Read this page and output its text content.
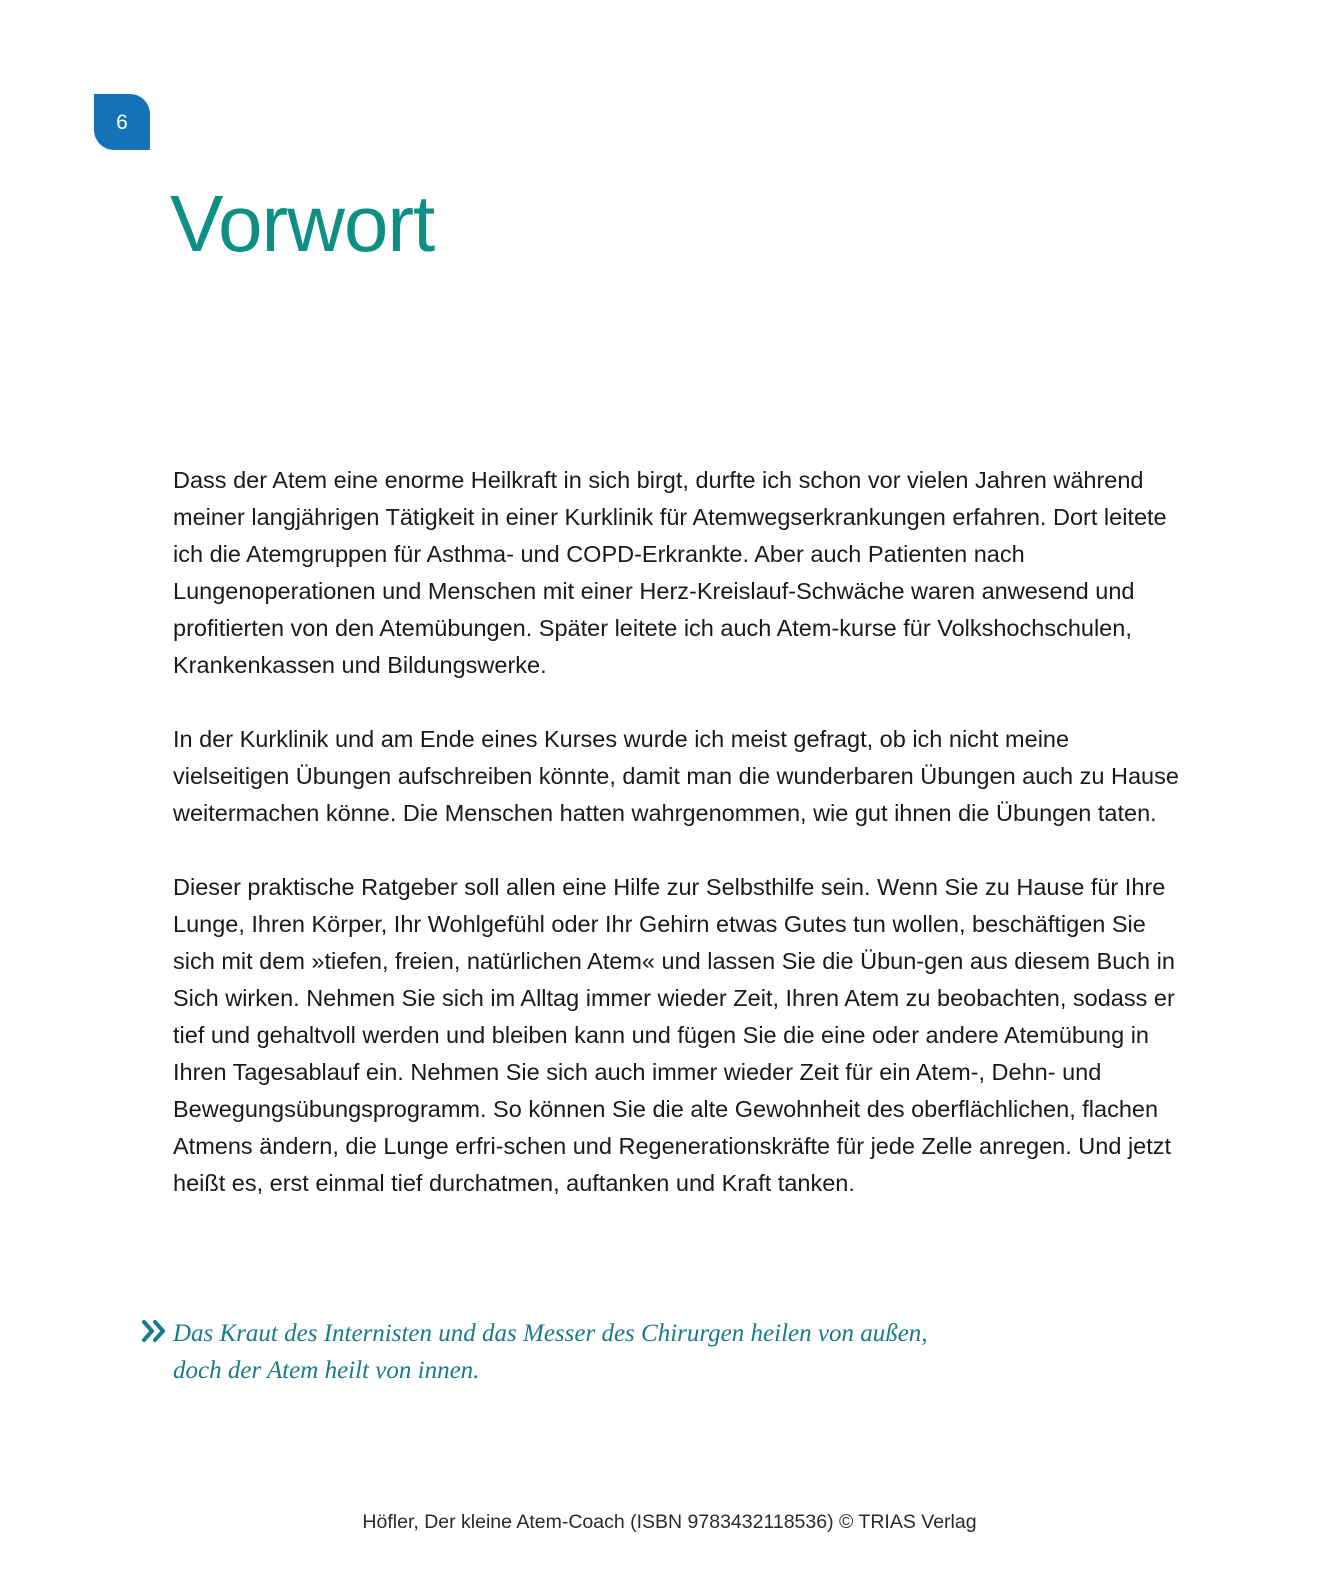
6
Vorwort

Dass der Atem eine enorme Heilkraft in sich birgt, durfte ich schon vor vielen Jahren während meiner langjährigen Tätigkeit in einer Kurklinik für Atemwegserkrankungen erfahren. Dort leitete ich die Atemgruppen für Asthma- und COPD-Erkrankte. Aber auch Patienten nach Lungenoperationen und Menschen mit einer Herz-Kreislauf-Schwäche waren anwesend und profitierten von den Atemübungen. Später leitete ich auch Atem-kurse für Volkshochschulen, Krankenkassen und Bildungswerke.

In der Kurklinik und am Ende eines Kurses wurde ich meist gefragt, ob ich nicht meine vielseitigen Übungen aufschreiben könnte, damit man die wunderbaren Übungen auch zu Hause weitermachen könne. Die Menschen hatten wahrgenommen, wie gut ihnen die Übungen taten.

Dieser praktische Ratgeber soll allen eine Hilfe zur Selbsthilfe sein. Wenn Sie zu Hause für Ihre Lunge, Ihren Körper, Ihr Wohlgefühl oder Ihr Gehirn etwas Gutes tun wollen, beschäftigen Sie sich mit dem »tiefen, freien, natürlichen Atem« und lassen Sie die Übun-gen aus diesem Buch in Sich wirken. Nehmen Sie sich im Alltag immer wieder Zeit, Ihren Atem zu beobachten, sodass er tief und gehaltvoll werden und bleiben kann und fügen Sie die eine oder andere Atemübung in Ihren Tagesablauf ein. Nehmen Sie sich auch immer wieder Zeit für ein Atem-, Dehn- und Bewegungsübungsprogramm. So können Sie die alte Gewohnheit des oberflächlichen, flachen Atmens ändern, die Lunge erfri-schen und Regenerationskräfte für jede Zelle anregen. Und jetzt heißt es, erst einmal tief durchatmen, auftanken und Kraft tanken.

Das Kraut des Internisten und das Messer des Chirurgen heilen von außen,
doch der Atem heilt von innen.
Höfler, Der kleine Atem-Coach (ISBN 9783432118536) © TRIAS Verlag
